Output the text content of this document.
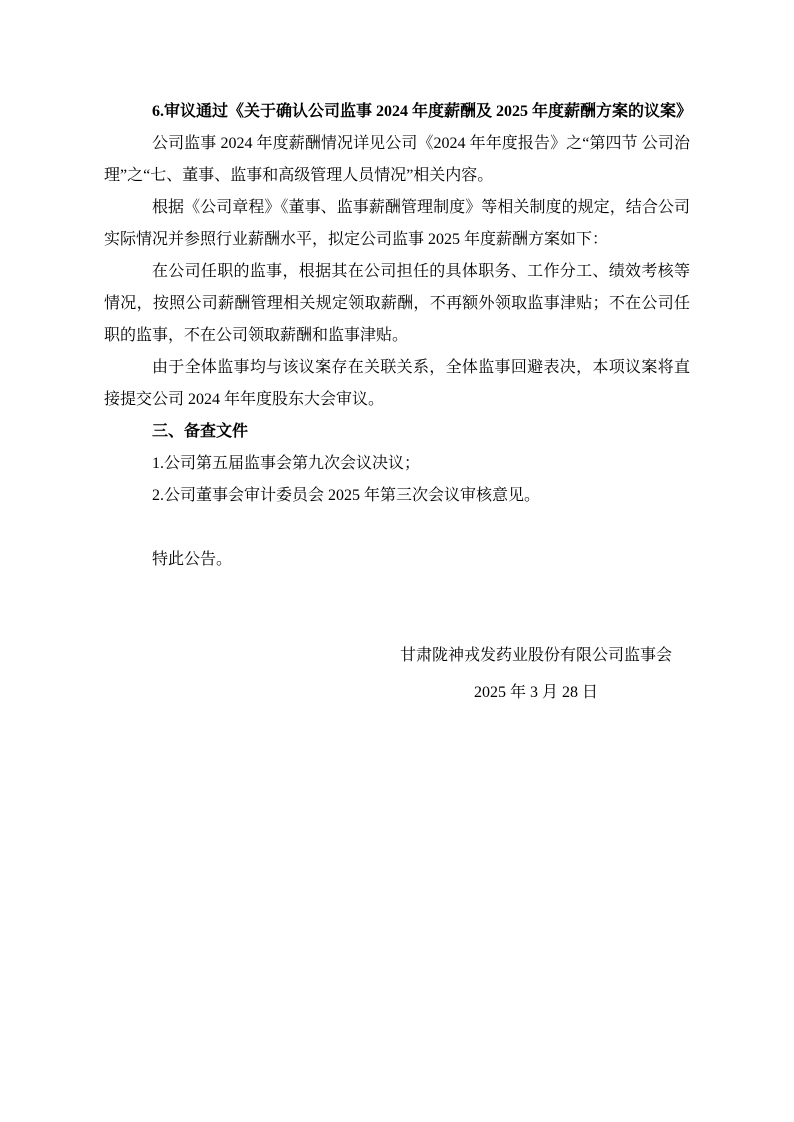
6.审议通过《关于确认公司监事 2024 年度薪酬及 2025 年度薪酬方案的议案》

公司监事 2024 年度薪酬情况详见公司《2024 年年度报告》之“第四节 公司治理”之“七、董事、监事和高级管理人员情况”相关内容。

根据《公司章程》《董事、监事薪酬管理制度》等相关制度的规定，结合公司实际情况并参照行业薪酬水平，拟定公司监事 2025 年度薪酬方案如下：

在公司任职的监事，根据其在公司担任的具体职务、工作分工、绩效考核等情况，按照公司薪酬管理相关规定领取薪酬，不再额外领取监事津贴；不在公司任职的监事，不在公司领取薪酬和监事津贴。

由于全体监事均与该议案存在关联关系，全体监事回避表决，本项议案将直接提交公司 2024 年年度股东大会审议。

三、备查文件

1.公司第五届监事会第九次会议决议；

2.公司董事会审计委员会 2025 年第三次会议审核意见。

特此公告。

甘肃陇神戎发药业股份有限公司监事会

2025 年 3 月 28 日
